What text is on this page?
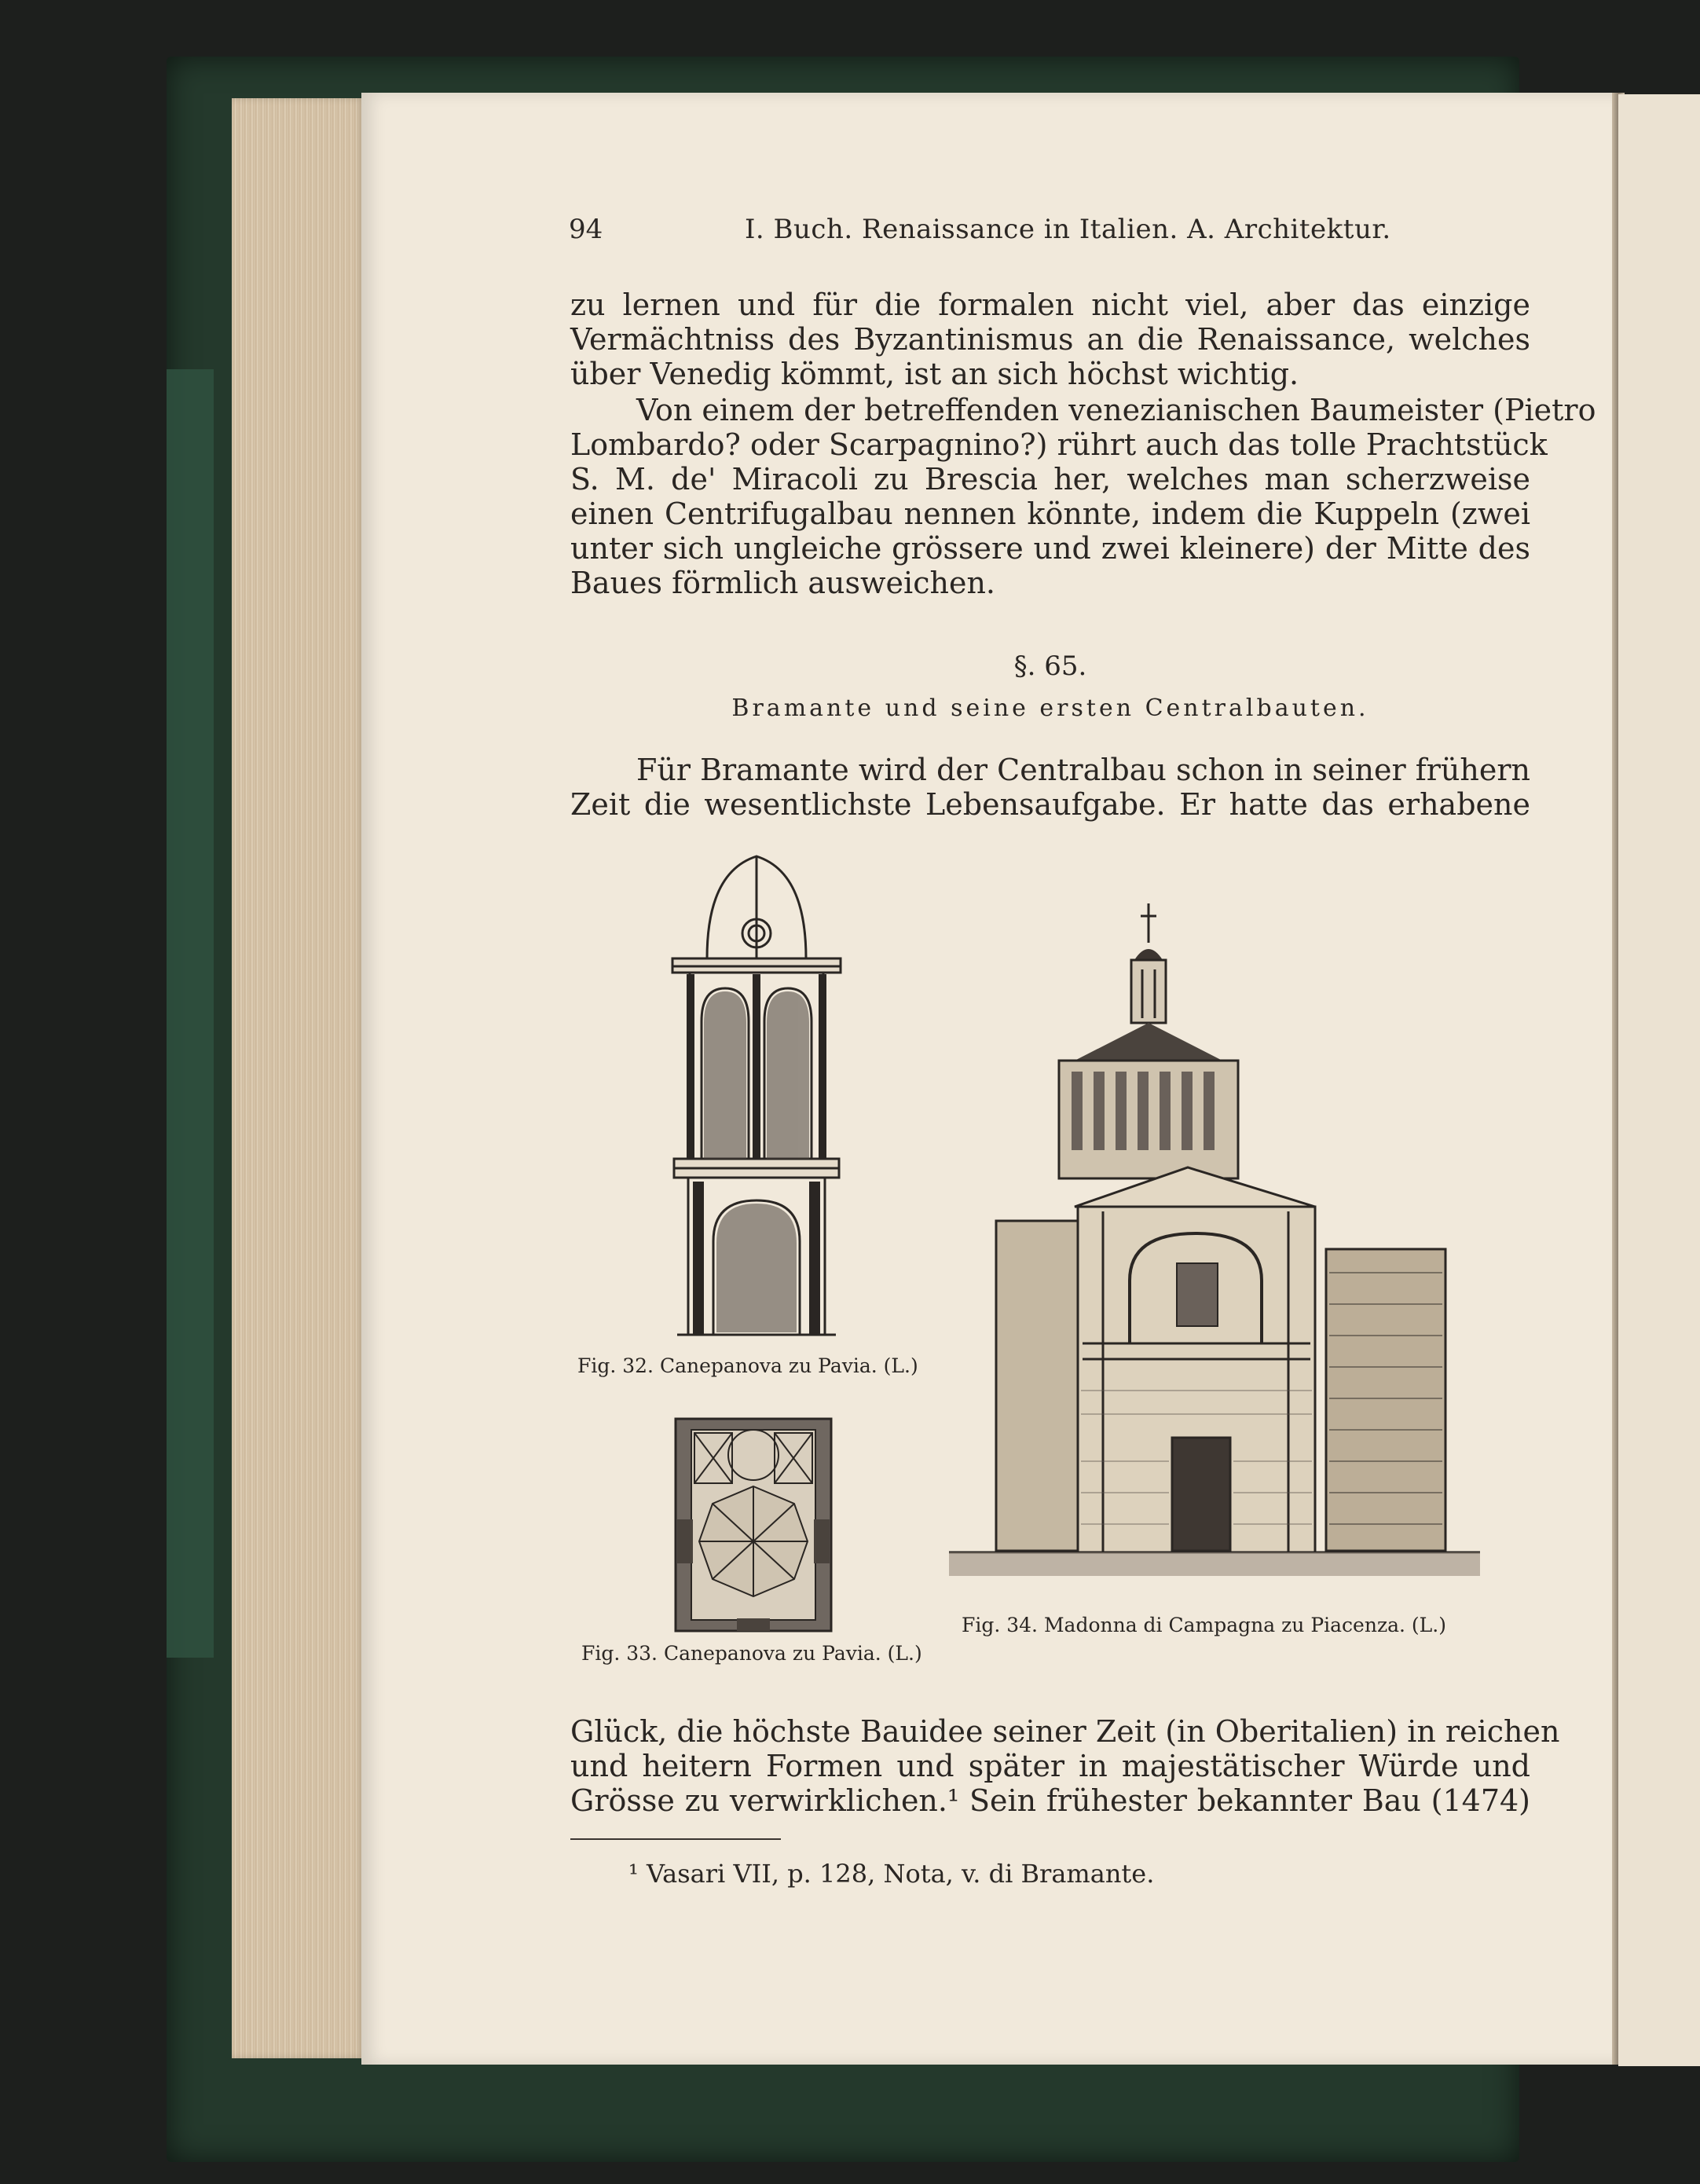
94	I. Buch. Renaissance in Italien. A. Architektur.
zu lernen und für die formalen nicht viel, aber das einzige
Vermächtniss des Byzantinismus an die Renaissance, welches
über Venedig kömmt, ist an sich höchst wichtig.
Von einem der betreffenden venezianischen Baumeister (Pietro
Lombardo? oder Scarpagnino?) rührt auch das tolle Prachtstück
S. M. de' Miracoli zu Brescia her, welches man scherzweise
einen Centrifugalbau nennen könnte, indem die Kuppeln (zwei
unter sich ungleiche grössere und zwei kleinere) der Mitte des
Baues förmlich ausweichen.
§. 65.
Bramante und seine ersten Centralbauten.
Für Bramante wird der Centralbau schon in seiner frühern
Zeit die wesentlichste Lebensaufgabe. Er hatte das erhabene
Fig. 32. Canepanova zu Pavia. (L.)
Fig. 33. Canepanova zu Pavia. (L.)
Fig. 34. Madonna di Campagna zu Piacenza. (L.)
Glück, die höchste Bauidee seiner Zeit (in Oberitalien) in reichen
und heitern Formen und später in majestätischer Würde und
Grösse zu verwirklichen.¹ Sein frühester bekannter Bau (1474)
¹ Vasari VII, p. 128, Nota, v. di Bramante.
